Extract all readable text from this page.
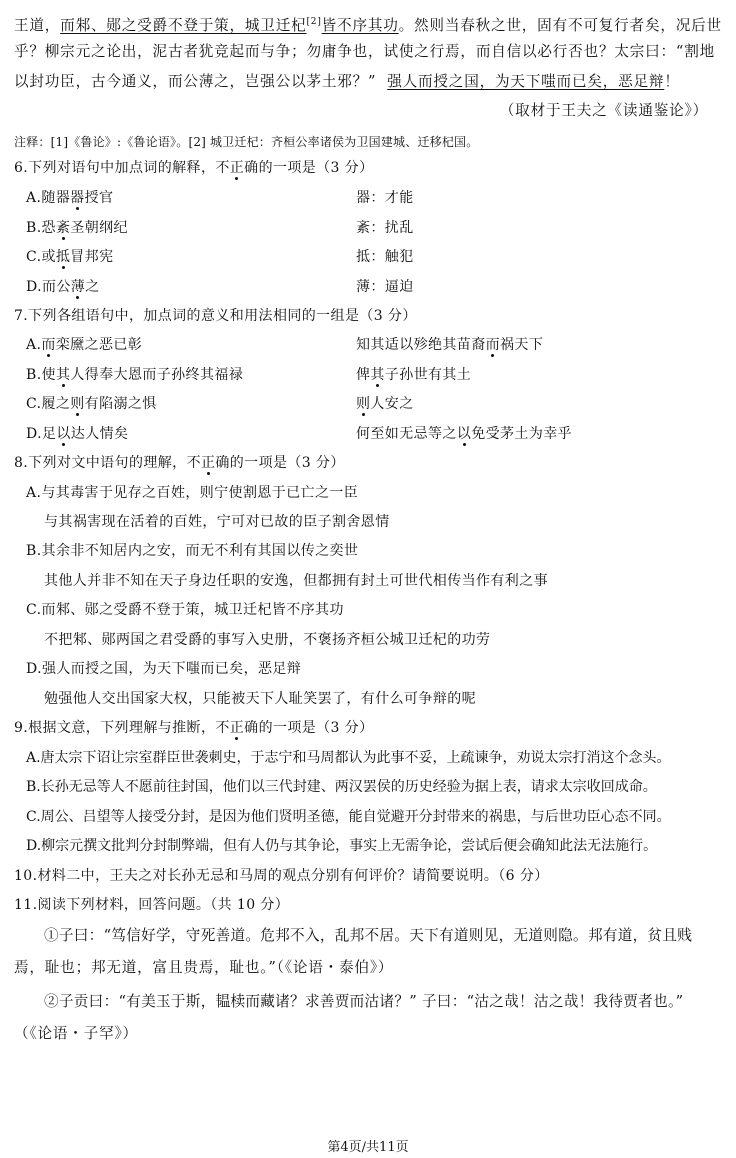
王道，而邾、郧之受爵不登于策，城卫迁杞[2]皆不序其功。然则当春秋之世，固有不可复行者矣，况后世
乎？柳宗元之论出，泥古者犹竞起而与争；勿庸争也，试使之行焉，而自信以必行否也？太宗曰：“割地
以封功臣，古今通义，而公薄之，岂强公以茅土邪？” 强人而授之国，为天下嗤而已矣，恶足辩！
（取材于王夫之《读通鉴论》）
注释：[1]《鲁论》:《鲁论语》。[2] 城卫迁杞：齐桓公率诸侯为卫国建城、迁移杞国。
6.下列对语句中加点词的解释，不正确的一项是（3 分）
A.随器器授官	器：才能
B.恐紊圣朝纲纪	紊：扰乱
C.或抵冒邦宪	抵：触犯
D.而公薄之	薄：逼迫
7.下列各组语句中，加点词的意义和用法相同的一组是（3 分）
A.而栾黡之恶已彰	知其适以殄绝其苗裔而祸天下
B.使其人得奉大恩而子孙终其福禄	俾其子孙世有其土
C.履之则有陷溺之惧	则人安之
D.足以达人情矣	何至如无忌等之以免受茅土为幸乎
8.下列对文中语句的理解，不正确的一项是（3 分）
A.与其毒害于见存之百姓，则宁使割恩于已亡之一臣
与其祸害现在活着的百姓，宁可对已故的臣子割舍恩情
B.其余非不知居内之安，而无不利有其国以传之奕世
其他人并非不知在天子身边任职的安逸，但都拥有封土可世代相传当作有利之事
C.而邾、郧之受爵不登于策，城卫迁杞皆不序其功
不把邾、郧两国之君受爵的事写入史册，不褒扬齐桓公城卫迁杞的功劳
D.强人而授之国，为天下嗤而已矣，恶足辩
勉强他人交出国家大权，只能被天下人耻笑罢了，有什么可争辩的呢
9.根据文意，下列理解与推断，不正确的一项是（3 分）
A.唐太宗下诏让宗室群臣世袭刺史，于志宁和马周都认为此事不妥，上疏谏争，劝说太宗打消这个念头。
B.长孙无忌等人不愿前往封国，他们以三代封建、两汉罢侯的历史经验为据上表，请求太宗收回成命。
C.周公、吕望等人接受分封，是因为他们贤明圣德，能自觉避开分封带来的祸患，与后世功臣心态不同。
D.柳宗元撰文批判分封制弊端，但有人仍与其争论，事实上无需争论，尝试后便会确知此法无法施行。
10.材料二中，王夫之对长孙无忌和马周的观点分别有何评价？请简要说明。（6 分）
11.阅读下列材料，回答问题。（共 10 分）
①子曰：“笃信好学，守死善道。危邦不入，乱邦不居。天下有道则见，无道则隐。邦有道，贫且贱
焉，耻也；邦无道，富且贵焉，耻也。”（《论语・泰伯》）
②子贡曰：“有美玉于斯，韫椟而藏诸？求善贾而沽诸？” 子曰：“沽之哉！沽之哉！我待贾者也。”
（《论语・子罕》）
第4页/共11页
